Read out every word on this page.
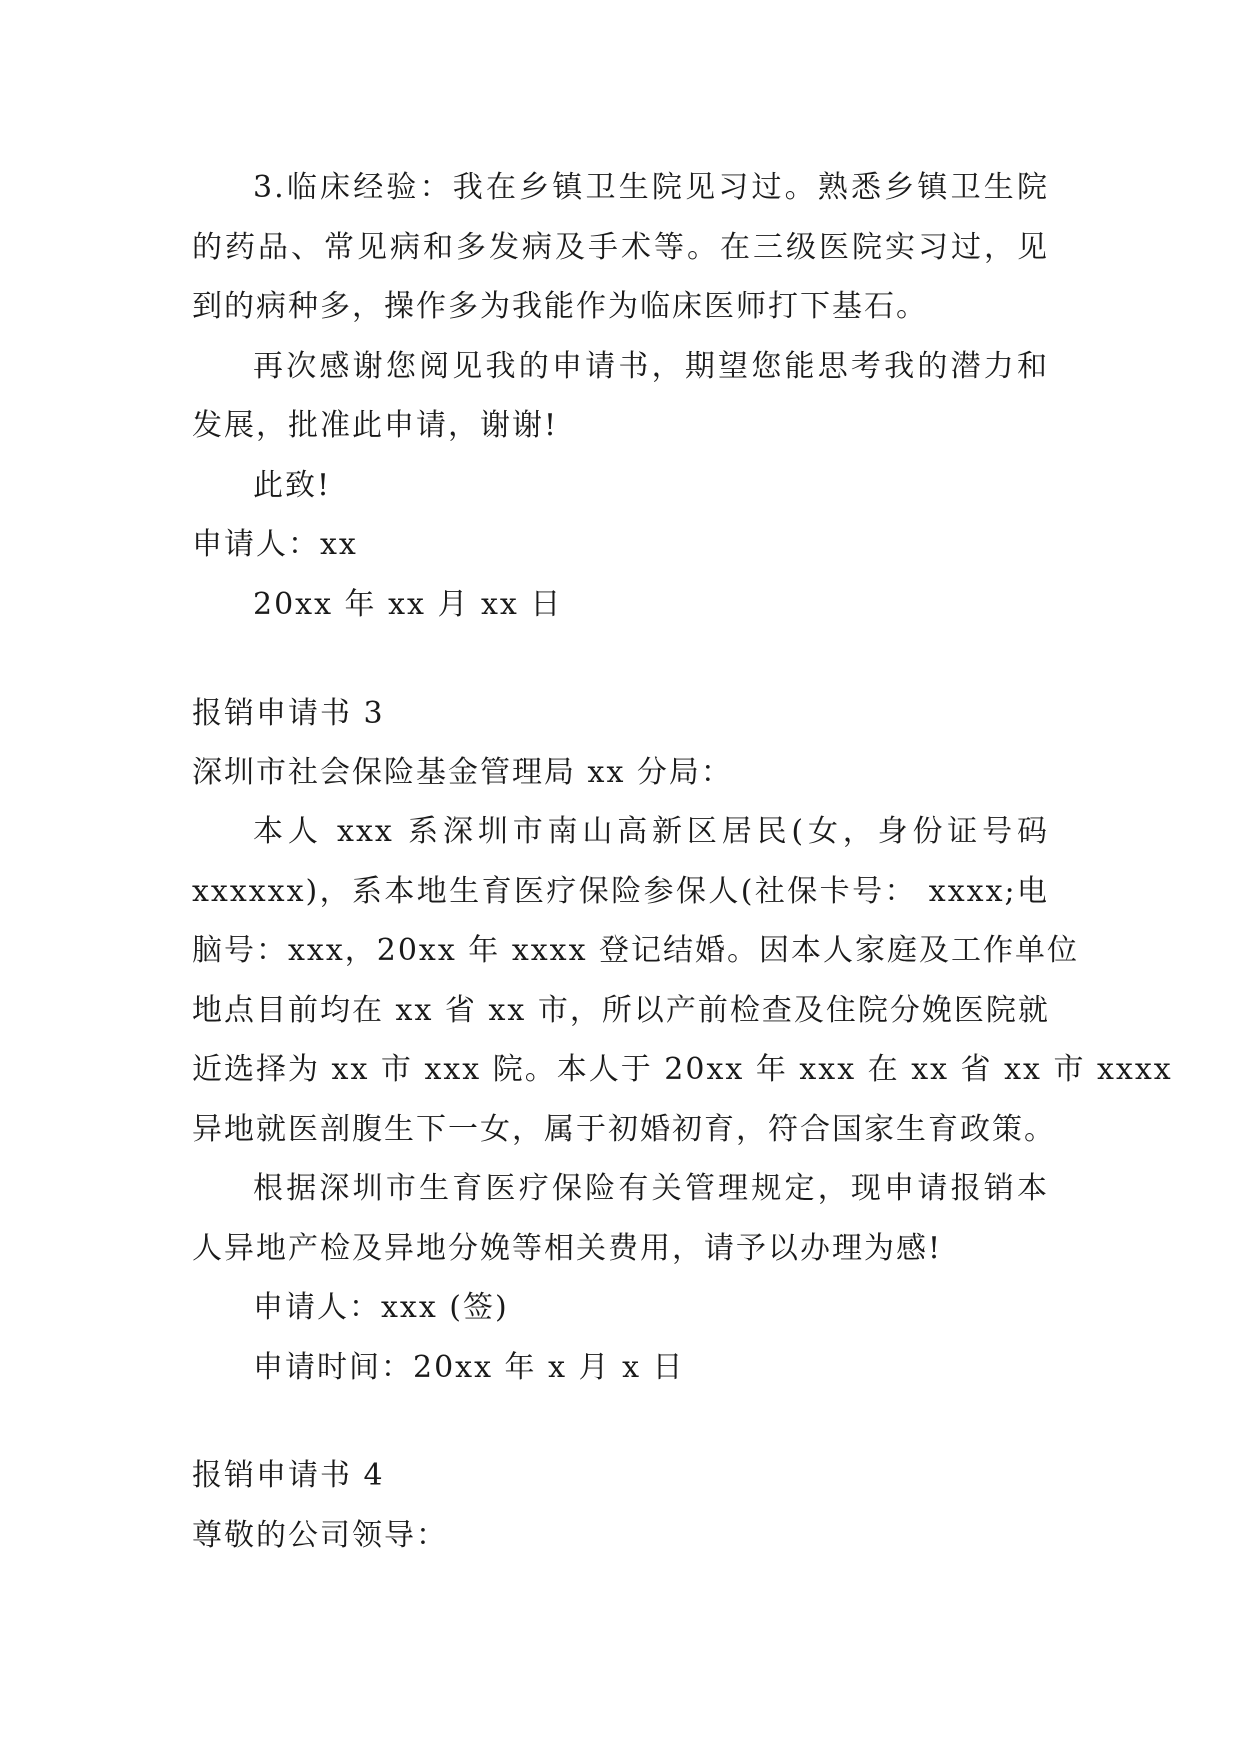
3.临床经验：我在乡镇卫生院见习过。熟悉乡镇卫生院

的药品、常见病和多发病及手术等。在三级医院实习过，见

到的病种多，操作多为我能作为临床医师打下基石。

再次感谢您阅见我的申请书，期望您能思考我的潜力和

发展，批准此申请，谢谢!

此致!

申请人：xx

20xx 年 xx 月 xx 日

报销申请书 3

深圳市社会保险基金管理局 xx 分局：

本人 xxx 系深圳市南山高新区居民(女，身份证号码

xxxxxx)，系本地生育医疗保险参保人(社保卡号： xxxx;电

脑号：xxx，20xx 年 xxxx 登记结婚。因本人家庭及工作单位

地点目前均在 xx 省 xx 市，所以产前检查及住院分娩医院就

近选择为 xx 市 xxx 院。本人于 20xx 年 xxx 在 xx 省 xx 市 xxxx

异地就医剖腹生下一女，属于初婚初育，符合国家生育政策。

根据深圳市生育医疗保险有关管理规定，现申请报销本

人异地产检及异地分娩等相关费用，请予以办理为感!

申请人：xxx (签)

申请时间：20xx 年 x 月 x 日

报销申请书 4

尊敬的公司领导：
